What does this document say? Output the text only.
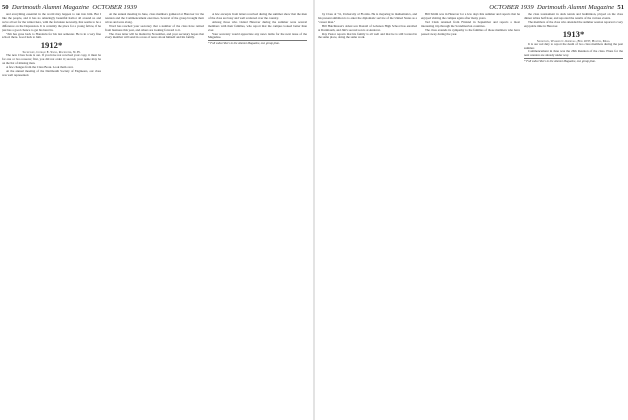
50 Dartmouth Alumni Magazine OCTOBER 1939

and everything essential in the world may happen to run into him. But I like the people, and it has no amazingly beautiful harbor all around us and we're all set for the winter here, with the fortunate necessity, that seems to be a difference on the Depression. It is certainly the place for a young fellow, if he just has a good chance to get his hand in.

"Jim has gone back to Honolulu for his last semester. He is in a very fine school there. Good luck to him.

1912*

Secretary, Conrad E. Snow, Rochester, N. H.

The new Class book is out. If you have not received your copy, it must be for one or two reasons; first, you did not order it; second, your name may be on the list of missing men.

A few changes from the Class Book. Look them over.

At the annual meeting of the Dartmouth Society of Engineers, our class was well represented.

At the annual meeting in June, class members gathered at Hanover for the reunion and the Commencement exercises. Several of the group brought their wives and sons along.

Word has reached your secretary that a number of the class have retired from business this year, and others are looking forward to it.

The class letter will be mailed in November, and your secretary hopes that every member will send in a note of news about himself and his family.

A few excerpts from letters received during the summer show that the men of the class are busy and well scattered over the country.

Among those who visited Hanover during the summer were several members with their families, who report that the campus looked better than ever.

Your secretary would appreciate any news items for the next issue of the Magazine.

* Full subscribers to the Alumni Magazine, one group plan.

OCTOBER 1939 Dartmouth Alumni Magazine 51

by Class of '31, University of Florida. He is majoring in mathematics, and his present ambition is to enter the diplomatic service of the United States as a "career man."

Bill Hutchinson's oldest son Donald of Lebanon High School has enrolled at Dartmouth, and Jim's second son is at Andover.

Ray Pastor reports that his family is all well and that he is still located in the same place, doing the same work.

Bill Smith was in Hanover for a few days this summer and reports that he enjoyed visiting the campus again after many years.

Ted Clark returned from Finland in September and reports a most interesting trip through the Scandinavian countries.

The class extends its sympathy to the families of those members who have passed away during the year.

the class tournament in deck tennis and badminton, played on the class dinner tables half hour, and reported the results of the various events.

The members of the class who attended the summer session reported a very enjoyable time in Hanover.

1913*

Secretary, Warren C. Kendall, Box 1037, Boston, Mass.

It is our sad duty to report the death of two class members during the past summer.

Commencement in June was the 26th Reunion of the class. Plans for the next reunion are already under way.

* Full subscribers to the Alumni Magazine, one group plan.
